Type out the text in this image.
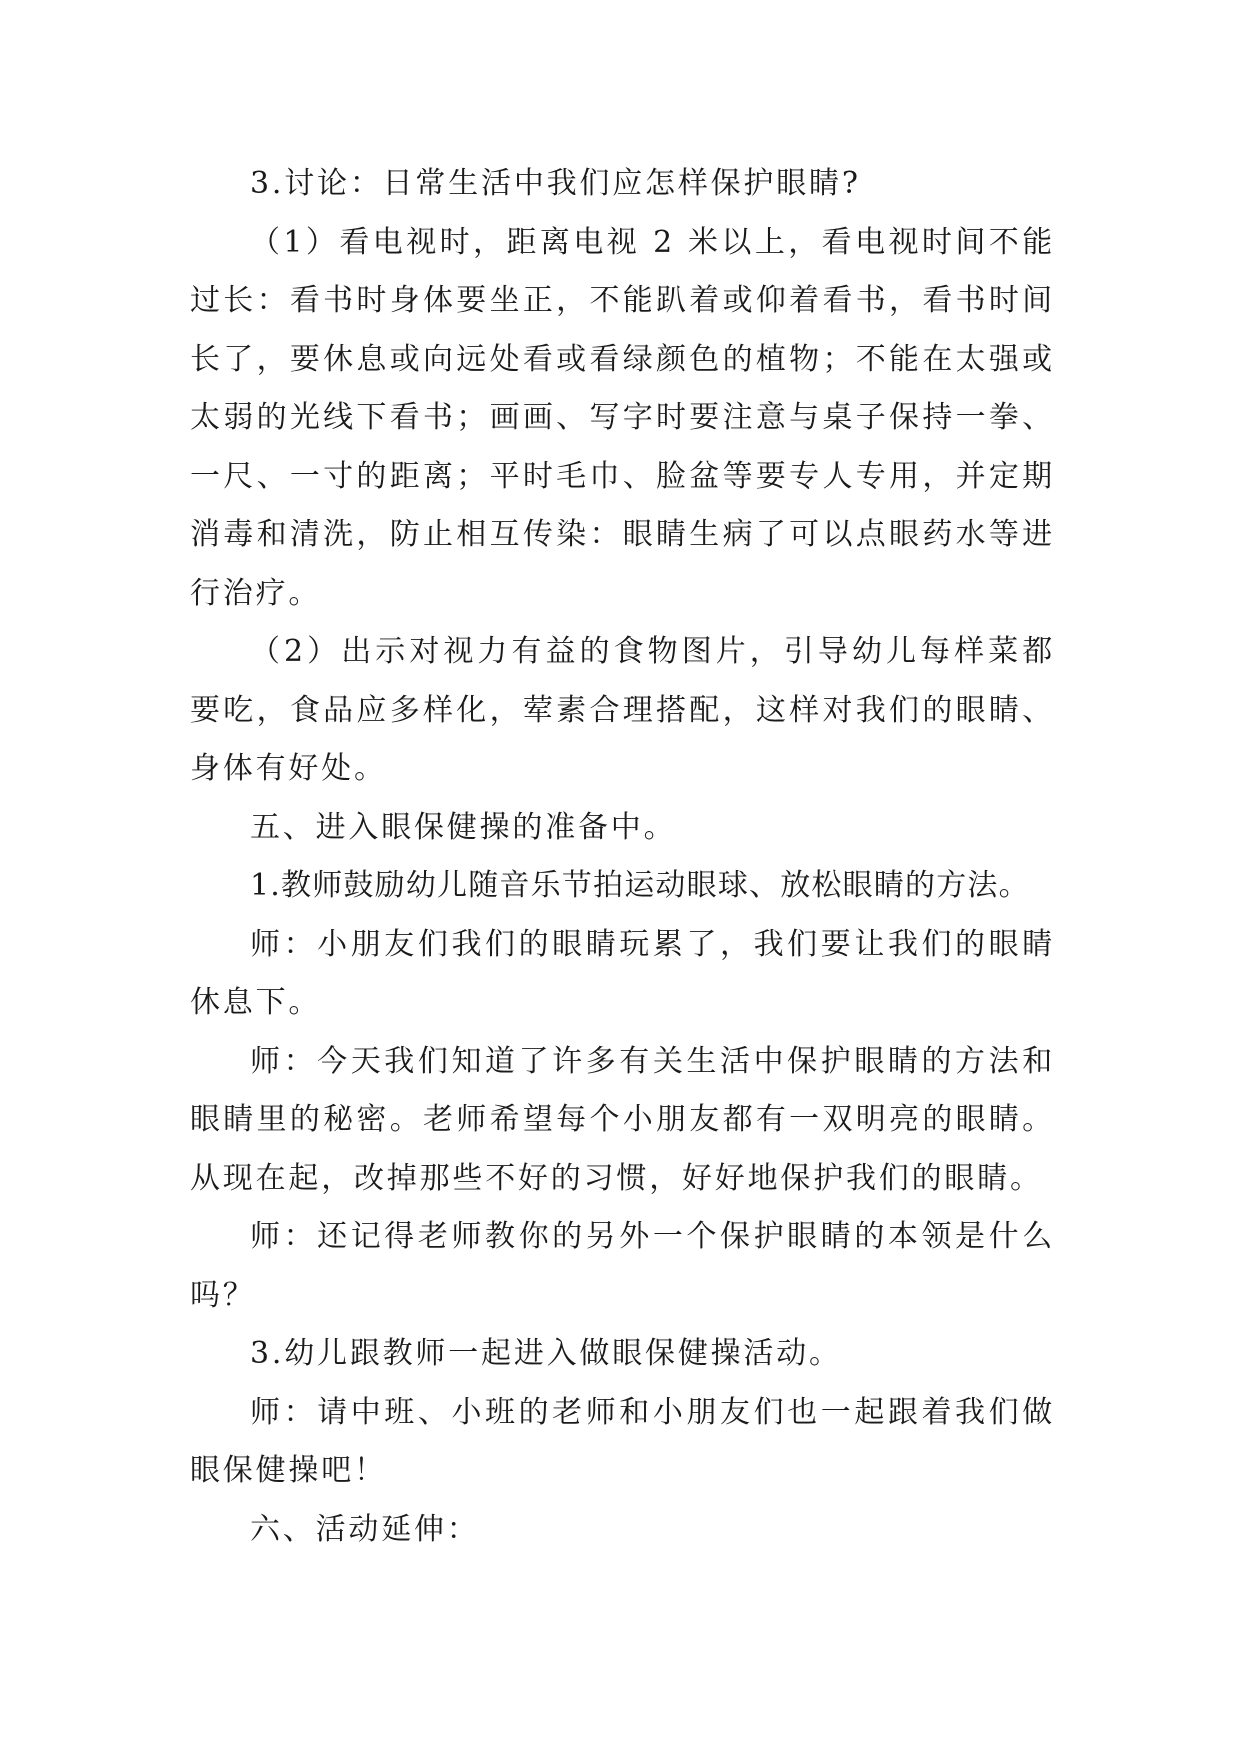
3.讨论：日常生活中我们应怎样保护眼睛?

（1）看电视时，距离电视 2 米以上，看电视时间不能过长：看书时身体要坐正，不能趴着或仰着看书，看书时间长了，要休息或向远处看或看绿颜色的植物；不能在太强或太弱的光线下看书；画画、写字时要注意与桌子保持一拳、一尺、一寸的距离；平时毛巾、脸盆等要专人专用，并定期消毒和清洗，防止相互传染：眼睛生病了可以点眼药水等进行治疗。

（2）出示对视力有益的食物图片，引导幼儿每样菜都要吃，食品应多样化，荤素合理搭配，这样对我们的眼睛、身体有好处。

五、进入眼保健操的准备中。

1.教师鼓励幼儿随音乐节拍运动眼球、放松眼睛的方法。

师：小朋友们我们的眼睛玩累了，我们要让我们的眼睛休息下。

师：今天我们知道了许多有关生活中保护眼睛的方法和眼睛里的秘密。老师希望每个小朋友都有一双明亮的眼睛。从现在起，改掉那些不好的习惯，好好地保护我们的眼睛。

师：还记得老师教你的另外一个保护眼睛的本领是什么吗？

3.幼儿跟教师一起进入做眼保健操活动。

师：请中班、小班的老师和小朋友们也一起跟着我们做眼保健操吧！

六、活动延伸：
